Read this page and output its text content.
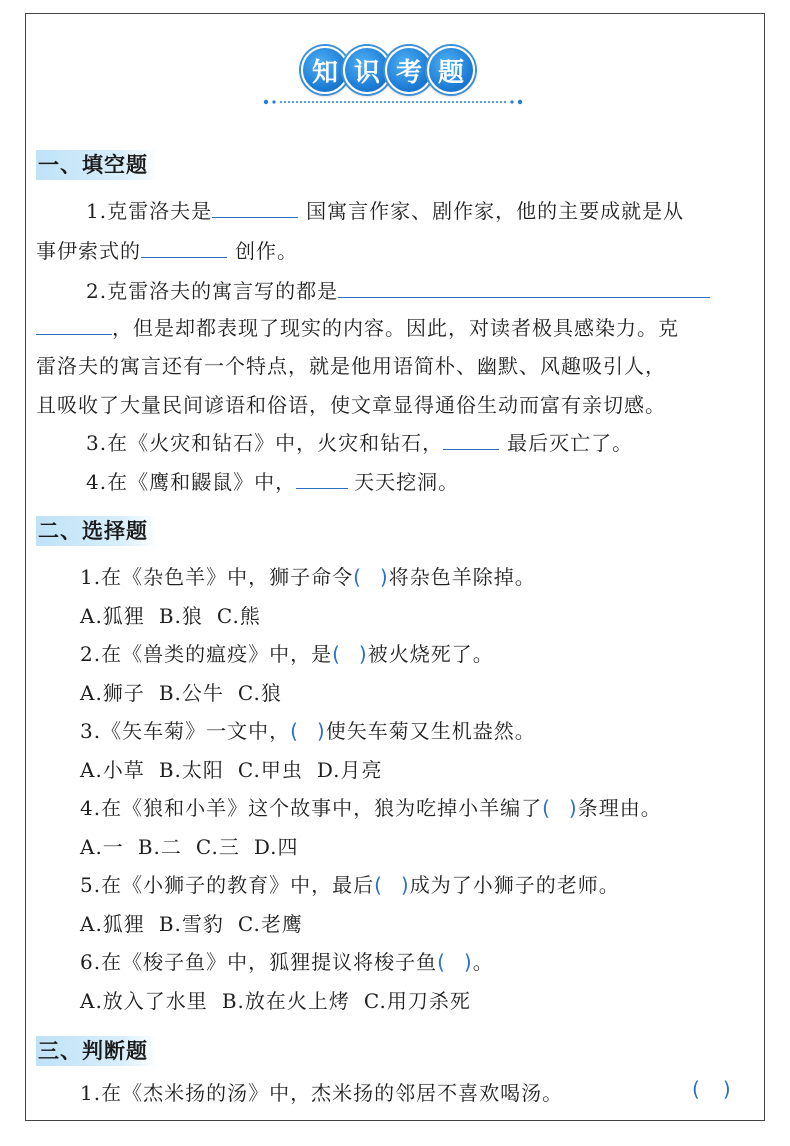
知 识 考 题
一、填空题
1.克雷洛夫是	国寓言作家、剧作家，他的主要成就是从
事伊索式的	创作。
2.克雷洛夫的寓言写的都是
，但是却都表现了现实的内容。因此，对读者极具感染力。克
雷洛夫的寓言还有一个特点，就是他用语简朴、幽默、风趣吸引人，
且吸收了大量民间谚语和俗语，使文章显得通俗生动而富有亲切感。
3.在《火灾和钻石》中，火灾和钻石，	最后灭亡了。
4.在《鹰和鼹鼠》中，	天天挖洞。
二、选择题
1.在《杂色羊》中，狮子命令( )将杂色羊除掉。
A.狐狸 B.狼 C.熊
2.在《兽类的瘟疫》中，是( )被火烧死了。
A.狮子 B.公牛 C.狼
3.《矢车菊》一文中，( )使矢车菊又生机盎然。
A.小草 B.太阳 C.甲虫 D.月亮
4.在《狼和小羊》这个故事中，狼为吃掉小羊编了( )条理由。
A.一 B.二 C.三 D.四
5.在《小狮子的教育》中，最后( )成为了小狮子的老师。
A.狐狸 B.雪豹 C.老鹰
6.在《梭子鱼》中，狐狸提议将梭子鱼( )。
A.放入了水里 B.放在火上烤 C.用刀杀死
三、判断题
1.在《杰米扬的汤》中，杰米扬的邻居不喜欢喝汤。	( )
